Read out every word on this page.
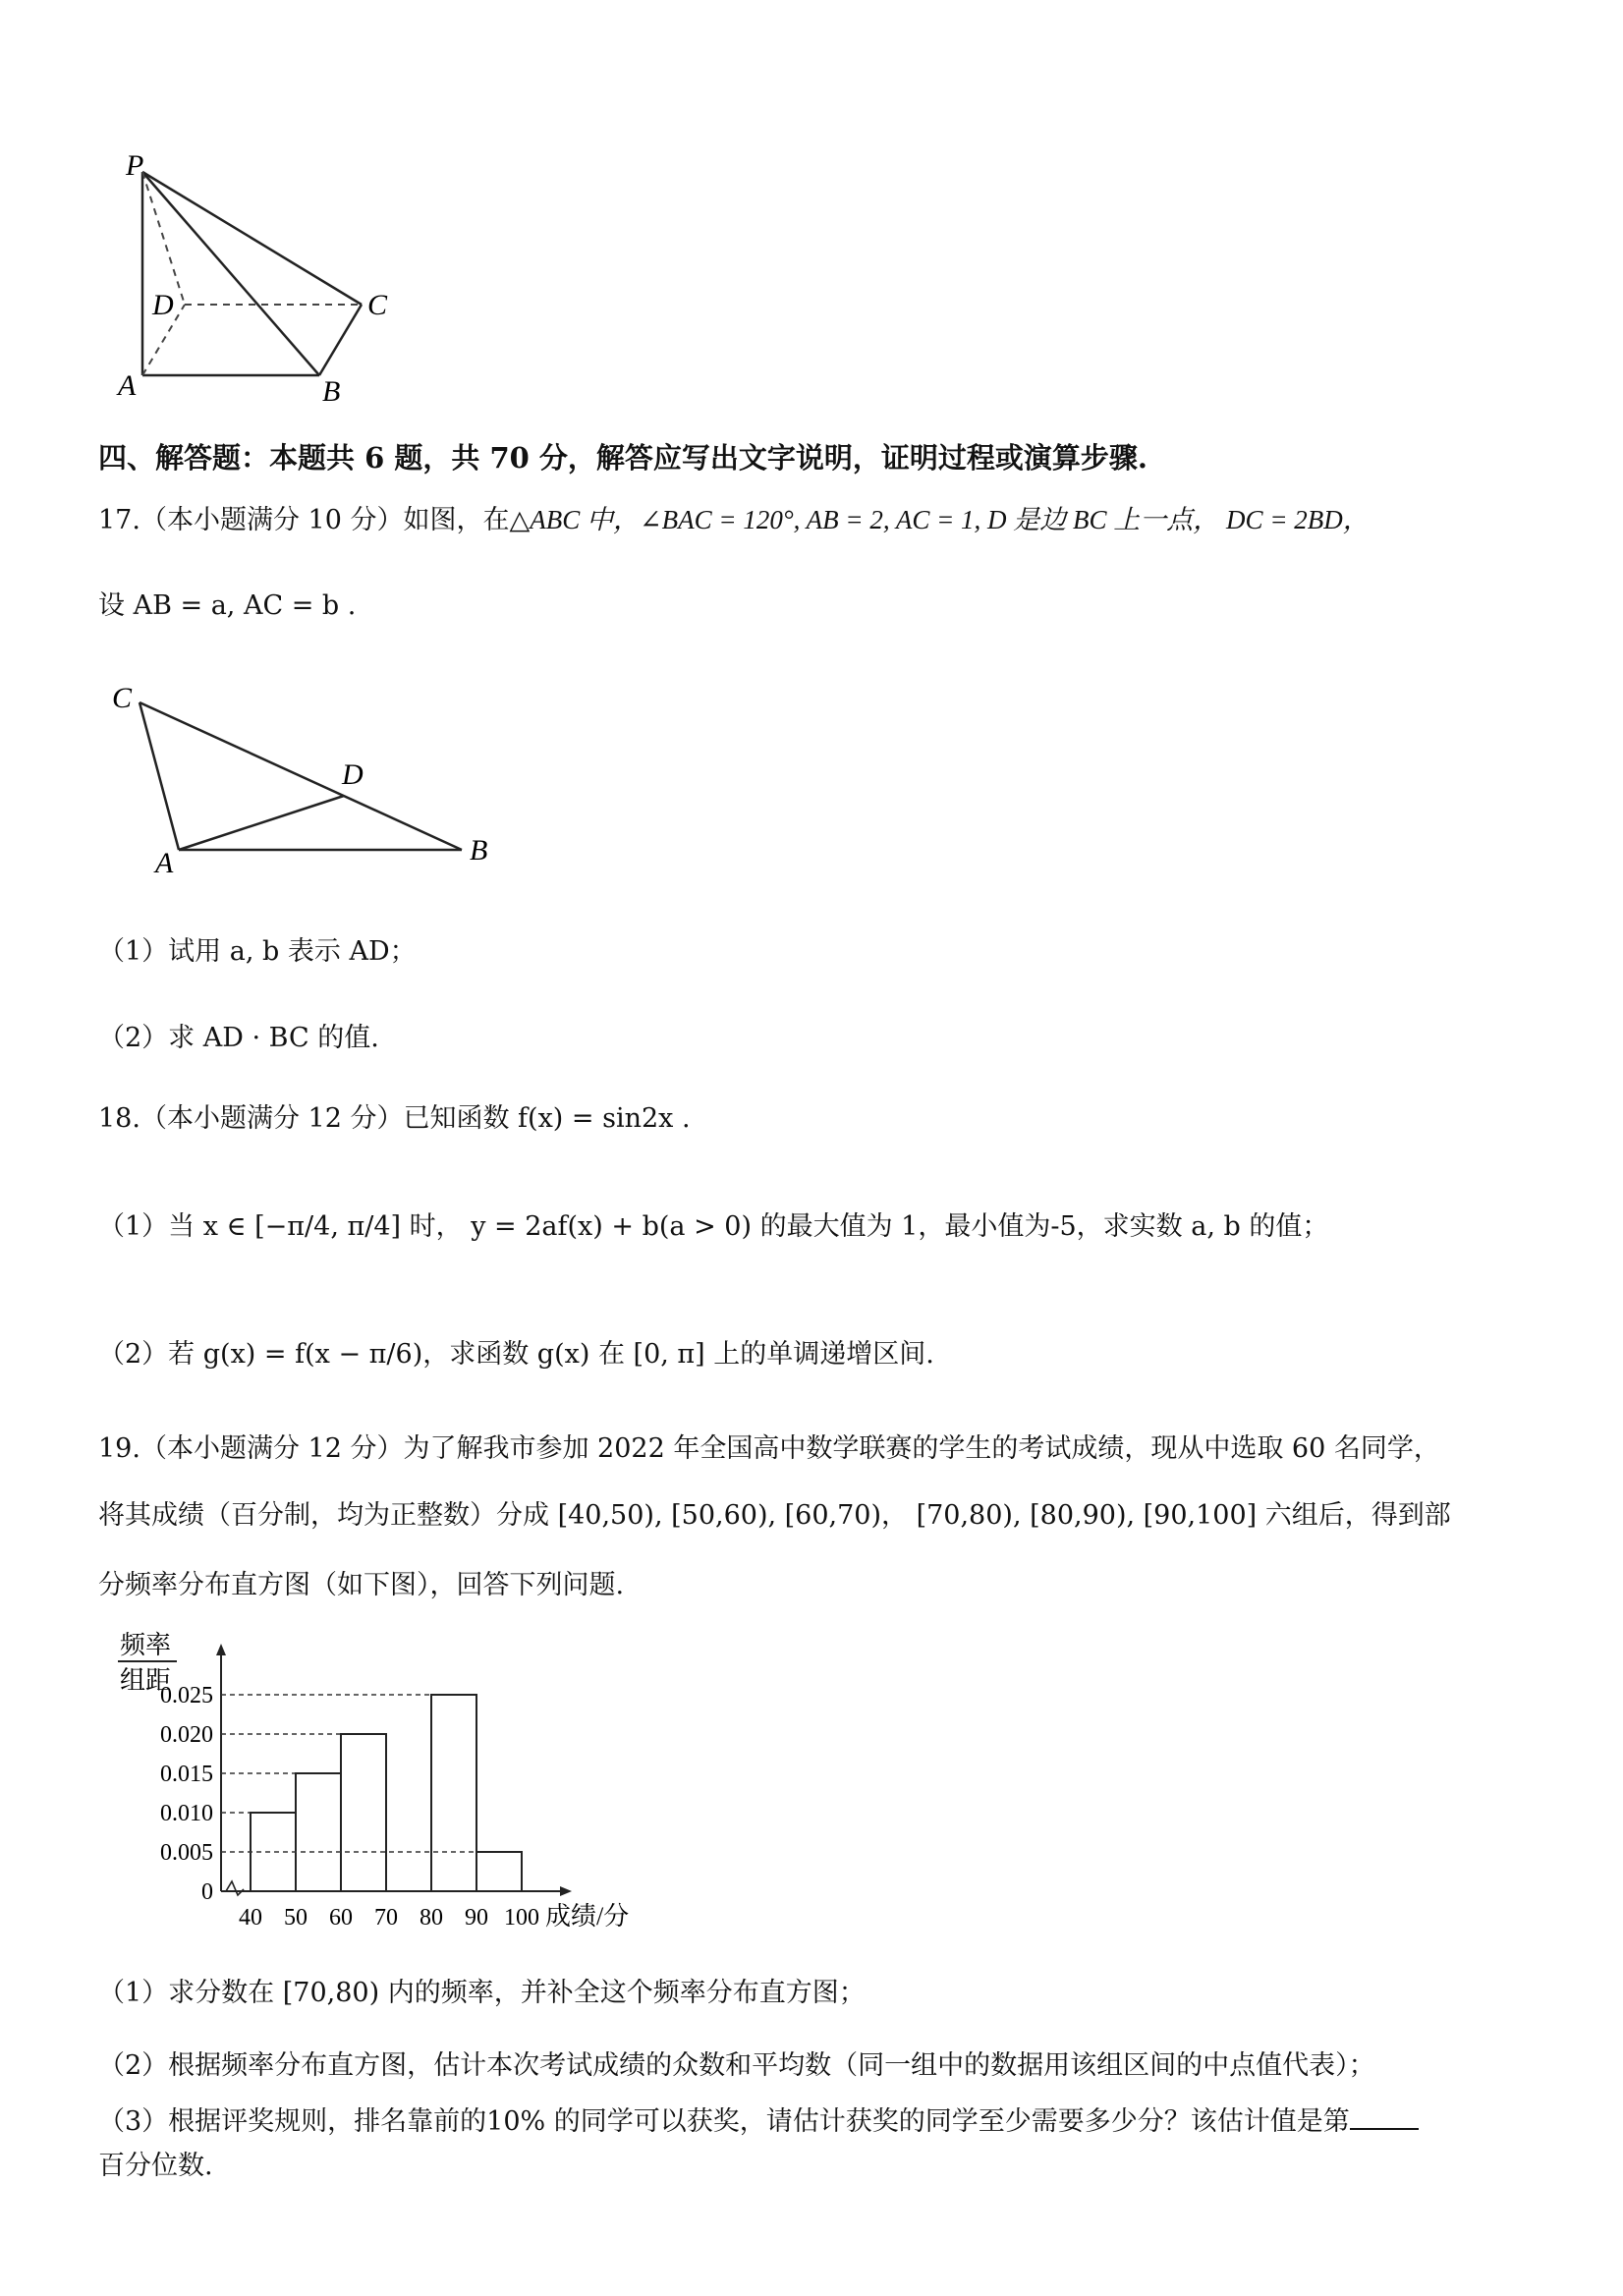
P
D	C
A	B
四、解答题：本题共 6 题，共 70 分，解答应写出文字说明，证明过程或演算步骤.
17.（本小题满分 10 分）如图，在△ABC 中，∠BAC = 120°, AB = 2, AC = 1, D 是边 BC 上一点， DC = 2BD，
设 AB = a, AC = b .
C
D
A	B
（1）试用 a, b 表示 AD；
（2）求 AD · BC 的值.
18.（本小题满分 12 分）已知函数 f(x) = sin2x .
（1）当 x ∈ [−π/4, π/4] 时， y = 2af(x) + b(a > 0) 的最大值为 1，最小值为-5，求实数 a, b 的值；
（2）若 g(x) = f(x − π/6)，求函数 g(x) 在 [0, π] 上的单调递增区间.
19.（本小题满分 12 分）为了解我市参加 2022 年全国高中数学联赛的学生的考试成绩，现从中选取 60 名同学，
将其成绩（百分制，均为正整数）分成 [40,50), [50,60), [60,70)， [70,80), [80,90), [90,100] 六组后，得到部
分频率分布直方图（如下图），回答下列问题.
频率
组距
成绩/分
0
0.005
0.010
0.015
0.020
0.025
40 50 60 70 80 90 100
（1）求分数在 [70,80) 内的频率，并补全这个频率分布直方图；
（2）根据频率分布直方图，估计本次考试成绩的众数和平均数（同一组中的数据用该组区间的中点值代表）；
（3）根据评奖规则，排名靠前的10% 的同学可以获奖，请估计获奖的同学至少需要多少分？该估计值是第
百分位数.
